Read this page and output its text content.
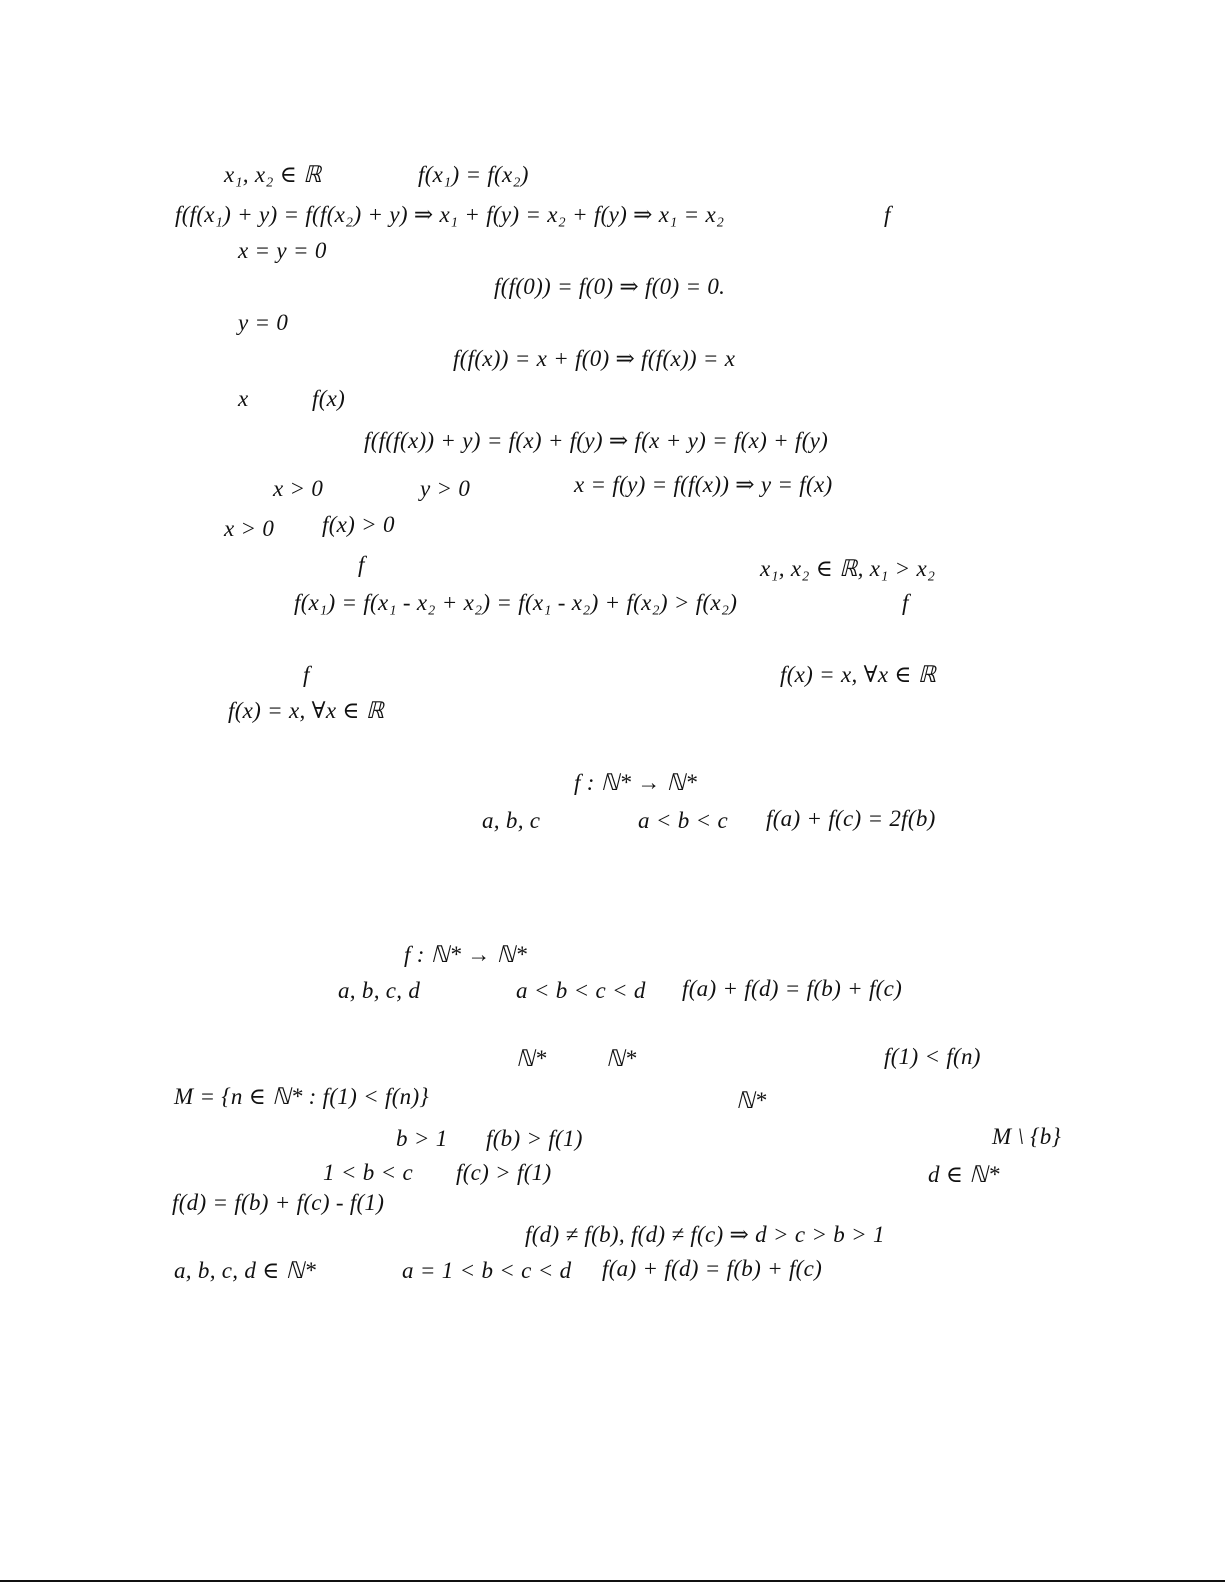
x₁, x₂ ∈ ℝ	f(x₁) = f(x₂)
f(f(x₁) + y) = f(f(x₂) + y) ⇒ x₁ + f(y) = x₂ + f(y) ⇒ x₁ = x₂	f
x = y = 0
f(f(0)) = f(0) ⇒ f(0) = 0.
y = 0
f(f(x)) = x + f(0) ⇒ f(f(x)) = x
x	f(x)
f(f(f(x)) + y) = f(x) + f(y) ⇒ f(x + y) = f(x) + f(y)
x > 0	y > 0	x = f(y) = f(f(x)) ⇒ y = f(x)
x > 0 f(x) > 0
f	x₁, x₂ ∈ ℝ, x₁ > x₂
f(x₁) = f(x₁ - x₂ + x₂) = f(x₁ - x₂) + f(x₂) > f(x₂)	f
f	f(x) = x, ∀x ∈ ℝ
f(x) = x, ∀x ∈ ℝ
f : ℕ* → ℕ*
a, b, c	a < b < c f(a) + f(c) = 2f(b)
f : ℕ* → ℕ*
a, b, c, d	a < b < c < d f(a) + f(d) = f(b) + f(c)
ℕ*	ℕ*	f(1) < f(n)
M = {n ∈ ℕ* : f(1) < f(n)}	ℕ*
b > 1 f(b) > f(1)	M \ {b}
1 < b < c f(c) > f(1)	d ∈ ℕ*
f(d) = f(b) + f(c) - f(1)
f(d) ≠ f(b), f(d) ≠ f(c) ⇒ d > c > b > 1
a, b, c, d ∈ ℕ*	a = 1 < b < c < d f(a) + f(d) = f(b) + f(c)
